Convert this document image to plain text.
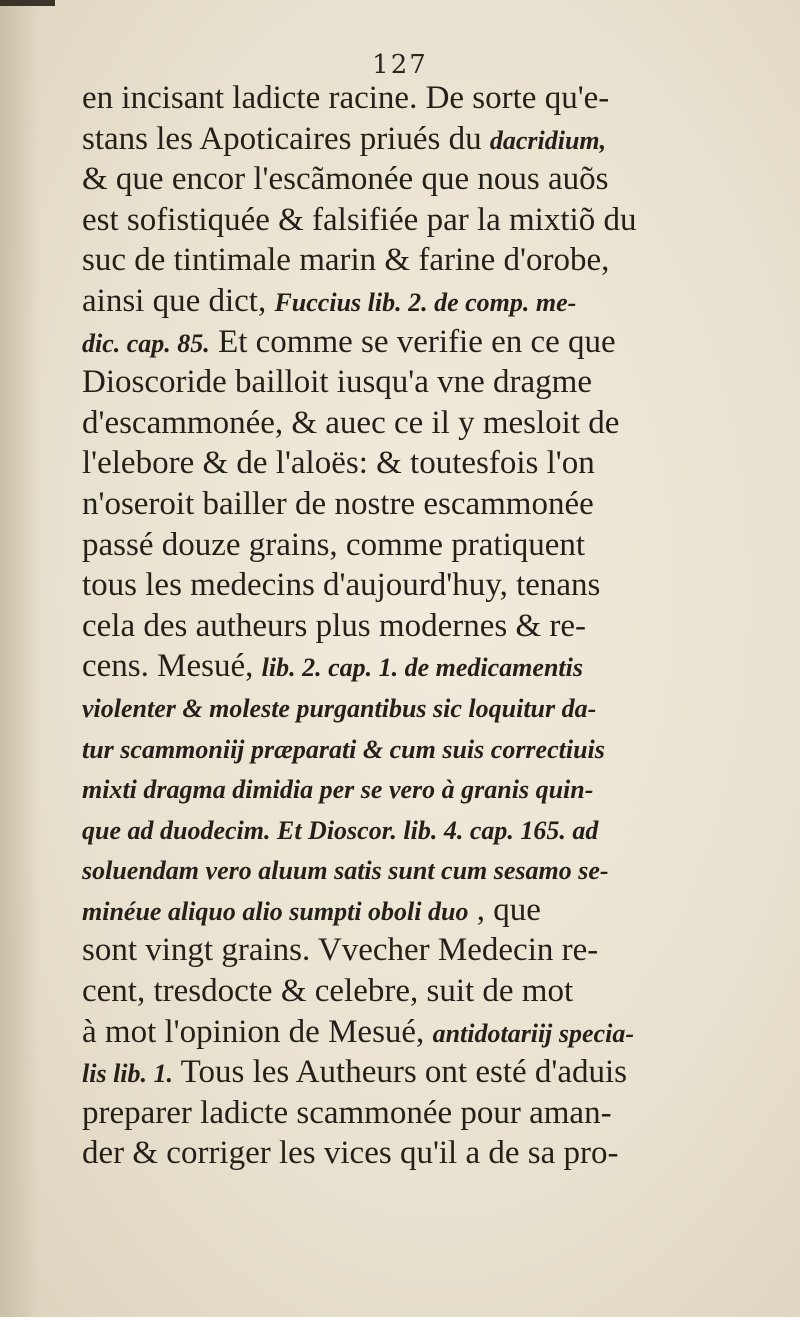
127
en incisant ladicte racine. De sorte qu'e-
stans les Apoticaires priués du dacridium,
& que encor l'escãmonée que nous auõs
est sofistiquée & falsifiée par la mixtiõ du
suc de tintimale marin & farine d'orobe,
ainsi que dict, Fuccius lib. 2. de comp. me-
dic. cap. 85. Et comme se verifie en ce que
Dioscoride bailloit iusqu'a vne dragme
d'escammonée, & auec ce il y mesloit de
l'elebore & de l'aloës: & toutesfois l'on
n'oseroit bailler de nostre escammonée
passé douze grains, comme pratiquent
tous les medecins d'aujourd'huy, tenans
cela des autheurs plus modernes & re-
cens. Mesué, lib. 2. cap. 1. de medicamentis
violenter & moleste purgantibus sic loquitur da-
tur scammoniĳ præparati & cum suis correctiuis
mixti dragma dimidia per se vero à granis quin-
que ad duodecim. Et Dioscor. lib. 4. cap. 165. ad
soluendam vero aluum satis sunt cum sesamo se-
minéue aliquo alio sumpti oboli duo , que
sont vingt grains. Vvecher Medecin re-
cent, tresdocte & celebre, suit de mot
à mot l'opinion de Mesué, antidotariĳ specia-
lis lib. 1. Tous les Autheurs ont esté d'aduis
preparer ladicte scammonée pour aman-
der & corriger les vices qu'il a de sa pro-
